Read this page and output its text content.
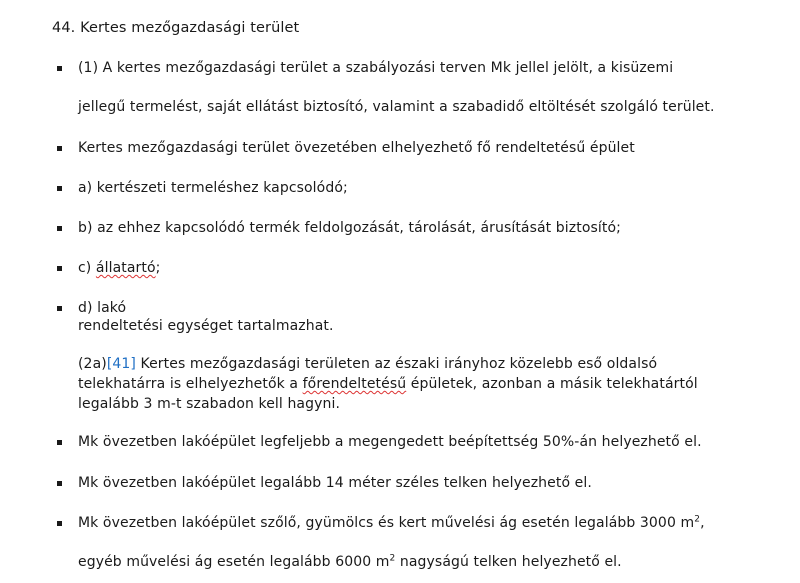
44. Kertes mezőgazdasági terület
(1) A kertes mezőgazdasági terület a szabályozási terven Mk jellel jelölt, a kisüzemi
jellegű termelést, saját ellátást biztosító, valamint a szabadidő eltöltését szolgáló terület.
Kertes mezőgazdasági terület övezetében elhelyezhető fő rendeltetésű épület
a) kertészeti termeléshez kapcsolódó;
b) az ehhez kapcsolódó termék feldolgozását, tárolását, árusítását biztosító;
c) állatartó;
d) lakó
rendeltetési egységet tartalmazhat.
(2a)[41] Kertes mezőgazdasági területen az északi irányhoz közelebb eső oldalsó
telekhatárra is elhelyezhetők a főrendeltetésű épületek, azonban a másik telekhatártól
legalább 3 m-t szabadon kell hagyni.
Mk övezetben lakóépület legfeljebb a megengedett beépítettség 50%-án helyezhető el.
Mk övezetben lakóépület legalább 14 méter széles telken helyezhető el.
Mk övezetben lakóépület szőlő, gyümölcs és kert művelési ág esetén legalább 3000 $m^2$,
egyéb művelési ág esetén legalább 6000 $m^2$ nagyságú telken helyezhető el.
